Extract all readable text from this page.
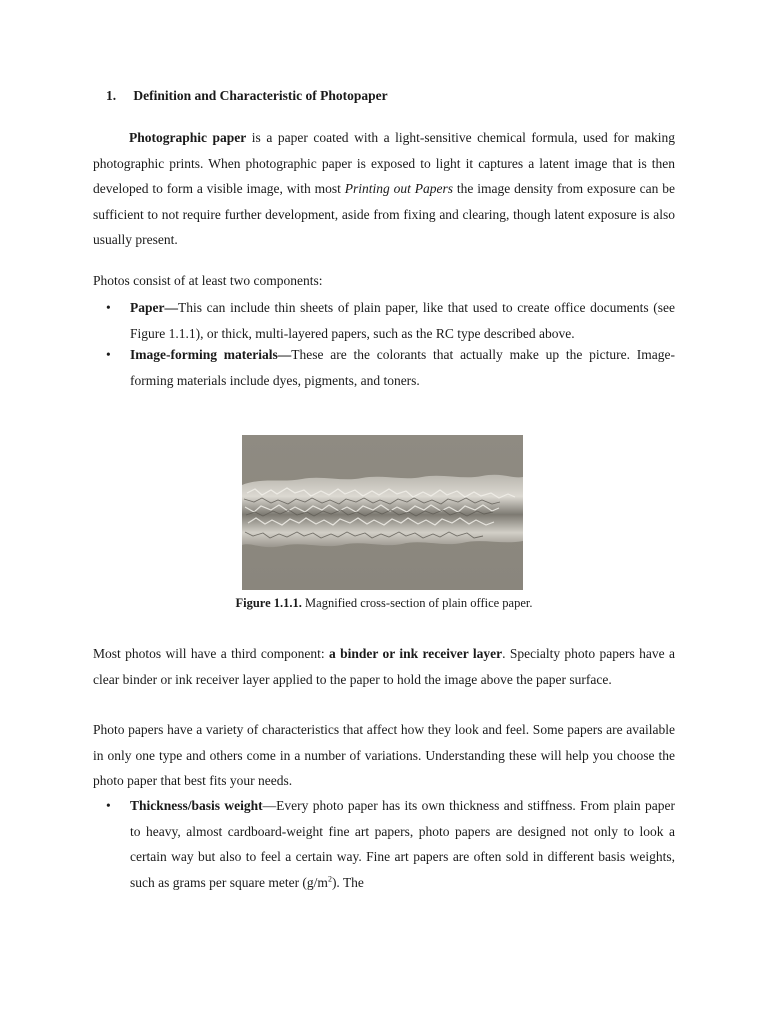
1. Definition and Characteristic of Photopaper
Photographic paper is a paper coated with a light-sensitive chemical formula, used for making photographic prints. When photographic paper is exposed to light it captures a latent image that is then developed to form a visible image, with most Printing out Papers the image density from exposure can be sufficient to not require further development, aside from fixing and clearing, though latent exposure is also usually present.
Photos consist of at least two components:
• Paper—This can include thin sheets of plain paper, like that used to create office documents (see Figure 1.1.1), or thick, multi-layered papers, such as the RC type described above.
• Image-forming materials—These are the colorants that actually make up the picture. Image-forming materials include dyes, pigments, and toners.
Figure 1.1.1. Magnified cross-section of plain office paper.
Most photos will have a third component: a binder or ink receiver layer. Specialty photo papers have a clear binder or ink receiver layer applied to the paper to hold the image above the paper surface.
Photo papers have a variety of characteristics that affect how they look and feel. Some papers are available in only one type and others come in a number of variations. Understanding these will help you choose the photo paper that best fits your needs.
• Thickness/basis weight—Every photo paper has its own thickness and stiffness. From plain paper to heavy, almost cardboard-weight fine art papers, photo papers are designed not only to look a certain way but also to feel a certain way. Fine art papers are often sold in different basis weights, such as grams per square meter $(g/m^2)$. The
